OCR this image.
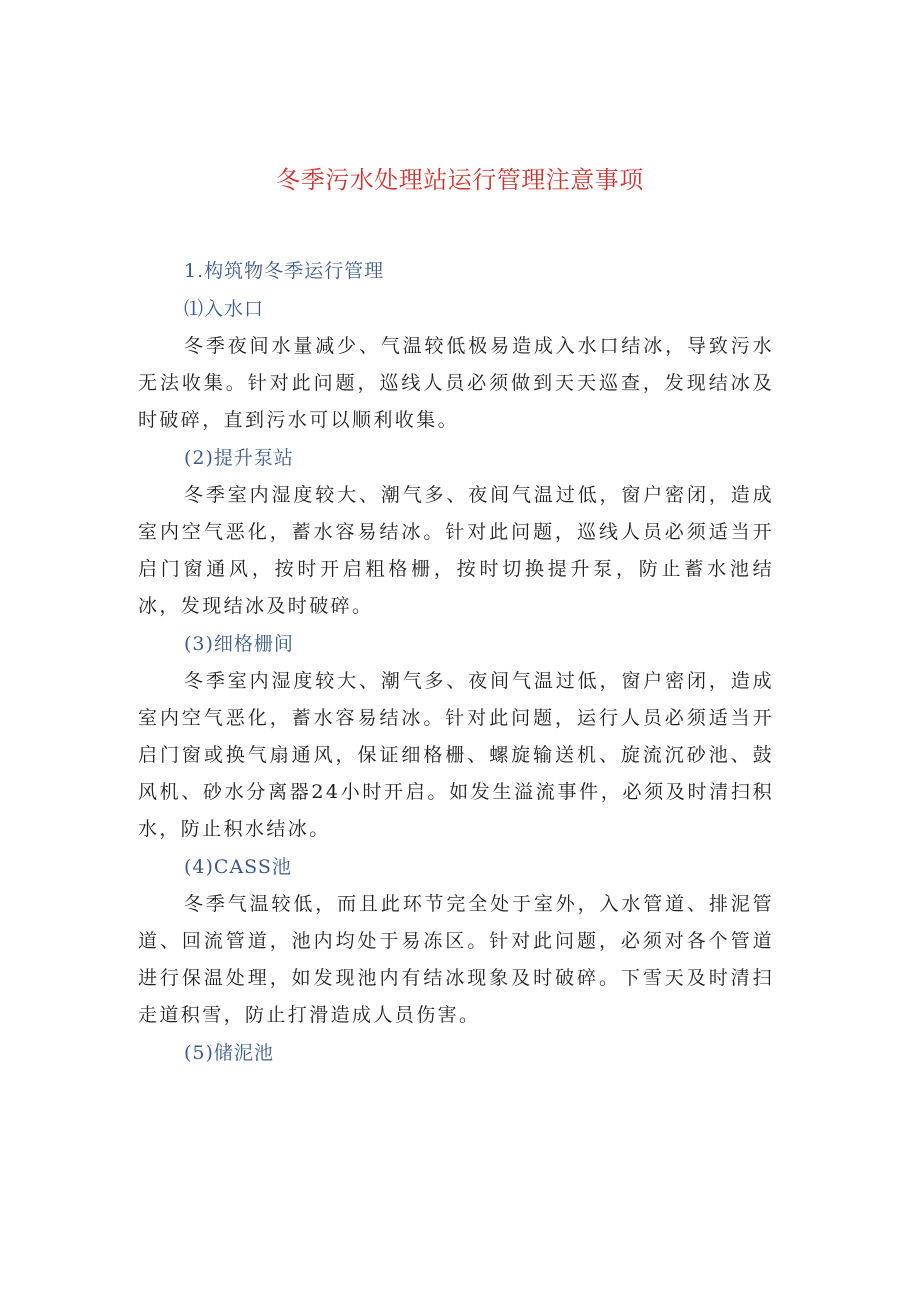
冬季污水处理站运行管理注意事项
1.构筑物冬季运行管理
⑴入水口

冬季夜间水量减少、气温较低极易造成入水口结冰，导致污水无法收集。针对此问题，巡线人员必须做到天天巡查，发现结冰及时破碎，直到污水可以顺利收集。

(2)提升泵站

冬季室内湿度较大、潮气多、夜间气温过低，窗户密闭，造成室内空气恶化，蓄水容易结冰。针对此问题，巡线人员必须适当开启门窗通风，按时开启粗格栅，按时切换提升泵，防止蓄水池结冰，发现结冰及时破碎。

(3)细格栅间

冬季室内湿度较大、潮气多、夜间气温过低，窗户密闭，造成室内空气恶化，蓄水容易结冰。针对此问题，运行人员必须适当开启门窗或换气扇通风，保证细格栅、螺旋输送机、旋流沉砂池、鼓风机、砂水分离器24小时开启。如发生溢流事件，必须及时清扫积水，防止积水结冰。

(4)CASS池

冬季气温较低，而且此环节完全处于室外，入水管道、排泥管道、回流管道，池内均处于易冻区。针对此问题，必须对各个管道进行保温处理，如发现池内有结冰现象及时破碎。下雪天及时清扫走道积雪，防止打滑造成人员伤害。

(5)储泥池
